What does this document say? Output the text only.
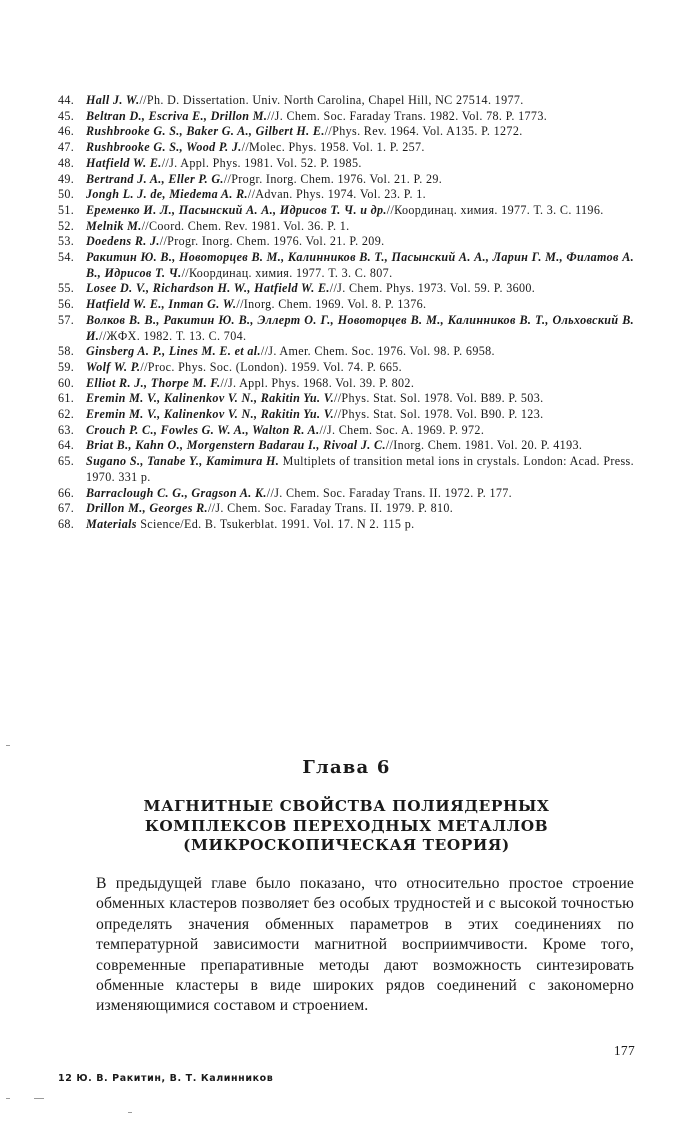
44. Hall J. W.//Ph. D. Dissertation. Univ. North Carolina, Chapel Hill, NC 27514. 1977.
45. Beltran D., Escriva E., Drillon M.//J. Chem. Soc. Faraday Trans. 1982. Vol. 78. P. 1773.
46. Rushbrooke G. S., Baker G. A., Gilbert H. E.//Phys. Rev. 1964. Vol. A135. P. 1272.
47. Rushbrooke G. S., Wood P. J.//Molec. Phys. 1958. Vol. 1. P. 257.
48. Hatfield W. E.//J. Appl. Phys. 1981. Vol. 52. P. 1985.
49. Bertrand J. A., Eller P. G.//Progr. Inorg. Chem. 1976. Vol. 21. P. 29.
50. Jongh L. J. de, Miedema A. R.//Advan. Phys. 1974. Vol. 23. P. 1.
51. Еременко И. Л., Пасынский А. А., Идрисов Т. Ч. и др.//Координац. химия. 1977. Т. 3. С. 1196.
52. Melnik M.//Coord. Chem. Rev. 1981. Vol. 36. P. 1.
53. Doedens R. J.//Progr. Inorg. Chem. 1976. Vol. 21. P. 209.
54. Ракитин Ю. В., Новоторцев В. М., Калинников В. Т., Пасынский А. А., Ларин Г. М., Филатов А. В., Идрисов Т. Ч.//Координац. химия. 1977. Т. 3. С. 807.
55. Losee D. V., Richardson H. W., Hatfield W. E.//J. Chem. Phys. 1973. Vol. 59. P. 3600.
56. Hatfield W. E., Inman G. W.//Inorg. Chem. 1969. Vol. 8. P. 1376.
57. Волков В. В., Ракитин Ю. В., Эллерт О. Г., Новоторцев В. М., Калинников В. Т., Ольховский В. И.//ЖФХ. 1982. Т. 13. С. 704.
58. Ginsberg A. P., Lines M. E. et al.//J. Amer. Chem. Soc. 1976. Vol. 98. P. 6958.
59. Wolf W. P.//Proc. Phys. Soc. (London). 1959. Vol. 74. P. 665.
60. Elliot R. J., Thorpe M. F.//J. Appl. Phys. 1968. Vol. 39. P. 802.
61. Eremin M. V., Kalinenkov V. N., Rakitin Yu. V.//Phys. Stat. Sol. 1978. Vol. B89. P. 503.
62. Eremin M. V., Kalinenkov V. N., Rakitin Yu. V.//Phys. Stat. Sol. 1978. Vol. B90. P. 123.
63. Crouch P. C., Fowles G. W. A., Walton R. A.//J. Chem. Soc. A. 1969. P. 972.
64. Briat B., Kahn O., Morgenstern Badarau I., Rivoal J. C.//Inorg. Chem. 1981. Vol. 20. P. 4193.
65. Sugano S., Tanabe Y., Kamimura H. Multiplets of transition metal ions in crystals. London: Acad. Press. 1970. 331 p.
66. Barraclough C. G., Gragson A. K.//J. Chem. Soc. Faraday Trans. II. 1972. P. 177.
67. Drillon M., Georges R.//J. Chem. Soc. Faraday Trans. II. 1979. P. 810.
68. Materials Science/Ed. B. Tsukerblat. 1991. Vol. 17. N 2. 115 p.
Глава 6
МАГНИТНЫЕ СВОЙСТВА ПОЛИЯДЕРНЫХ
КОМПЛЕКСОВ ПЕРЕХОДНЫХ МЕТАЛЛОВ
(МИКРОСКОПИЧЕСКАЯ ТЕОРИЯ)
В предыдущей главе было показано, что относительно простое строение обменных кластеров позволяет без особых трудностей и с высокой точностью определять значения обменных параметров в этих соединениях по температурной зависимости магнитной восприимчивости. Кроме того, современные препаративные методы дают возможность синтезировать обменные кластеры в виде широких рядов соединений с закономерно изменяющимися составом и строением.
177
12 Ю. В. Ракитин, В. Т. Калинников
